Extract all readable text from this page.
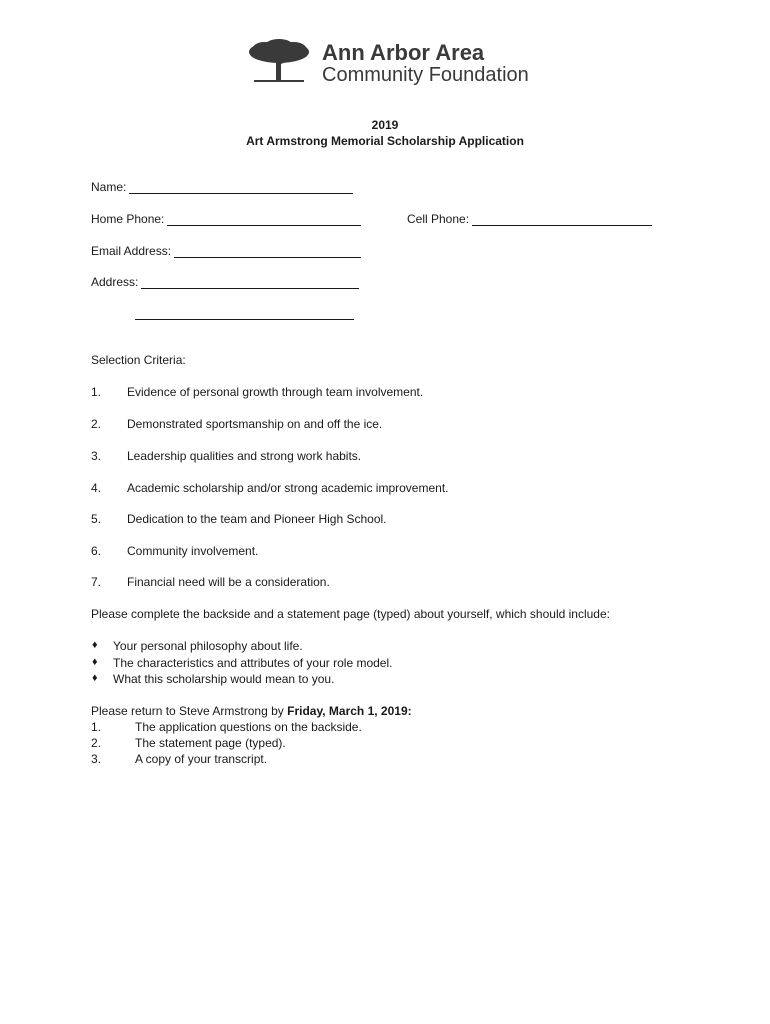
Ann Arbor Area
Community Foundation
2019
Art Armstrong Memorial Scholarship Application
Name:
Home Phone:	Cell Phone:
Email Address:
Address:
Selection Criteria:
1. Evidence of personal growth through team involvement.
2. Demonstrated sportsmanship on and off the ice.
3. Leadership qualities and strong work habits.
4. Academic scholarship and/or strong academic improvement.
5. Dedication to the team and Pioneer High School.
6. Community involvement.
7. Financial need will be a consideration.
Please complete the backside and a statement page (typed) about yourself, which should include:
♦ Your personal philosophy about life.
♦ The characteristics and attributes of your role model.
♦ What this scholarship would mean to you.
Please return to Steve Armstrong by Friday, March 1, 2019:
1.	The application questions on the backside.
2.	The statement page (typed).
3.	A copy of your transcript.
